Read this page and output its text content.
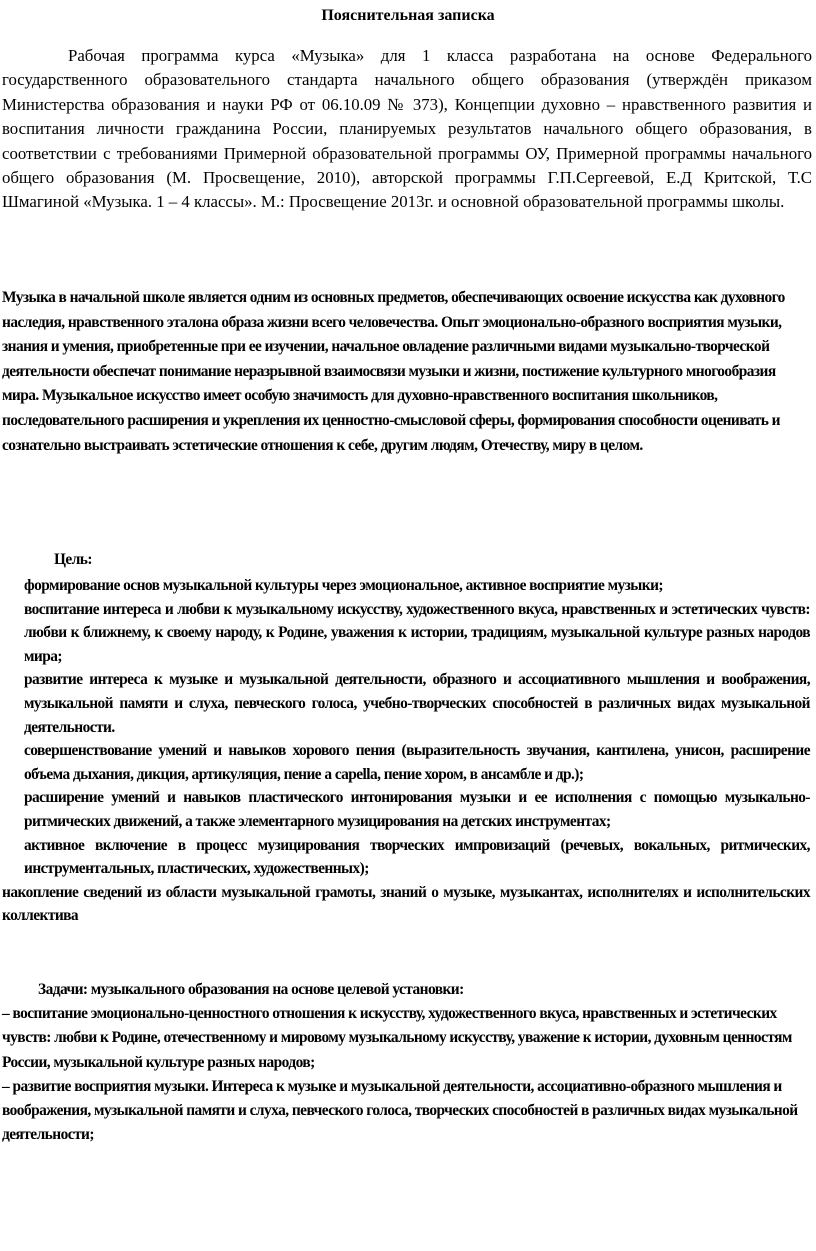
Пояснительная записка

Рабочая программа курса «Музыка» для 1 класса разработана на основе Федерального государственного образовательного стандарта начального общего образования (утверждён приказом Министерства образования и науки РФ от 06.10.09 № 373), Концепции духовно – нравственного развития и воспитания личности гражданина России, планируемых результатов начального общего образования, в соответствии с требованиями Примерной образовательной программы ОУ, Примерной программы начального общего образования (М. Просвещение, 2010), авторской программы Г.П.Сергеевой, Е.Д Критской, Т.С Шмагиной «Музыка. 1 – 4 классы». М.: Просвещение 2013г. и основной образовательной программы школы.

Музыка в начальной школе является одним из основных предметов, обеспечивающих освоение искусства как духовного наследия, нравственного эталона образа жизни всего человечества. Опыт эмоционально-образного восприятия музыки, знания и умения, приобретенные при ее изучении, начальное овладение различными видами музыкально-творческой деятельности обеспечат понимание неразрывной взаимосвязи музыки и жизни, постижение культурного многообразия мира. Музыкальное искусство имеет особую значимость для духовно-нравственного воспитания школьников, последовательного расширения и укрепления их ценностно-смысловой сферы, формирования способности оценивать и сознательно выстраивать эстетические отношения к себе, другим людям, Отечеству, миру в целом.

Цель:

формирование основ музыкальной культуры через эмоциональное, активное восприятие музыки;

воспитание интереса и любви к музыкальному искусству, художественного вкуса, нравственных и эстетических чувств: любви к ближнему, к своему народу, к Родине, уважения к истории, традициям, музыкальной культуре разных народов мира;

развитие интереса к музыке и музыкальной деятельности, образного и ассоциативного мышления и воображения, музыкальной памяти и слуха, певческого голоса, учебно-творческих способностей в различных видах музыкальной деятельности.

совершенствование умений и навыков хорового пения (выразительность звучания, кантилена, унисон, расширение объема дыхания, дикция, артикуляция, пение а capella, пение хором, в ансамбле и др.);

расширение умений и навыков пластического интонирования музыки и ее исполнения с помощью музыкально-ритмических движений, а также элементарного музицирования на детских инструментах;

активное включение в процесс музицирования творческих импровизаций (речевых, вокальных, ритмических, инструментальных, пластических, художественных);

накопление сведений из области музыкальной грамоты, знаний о музыке, музыкантах, исполнителях и исполнительских коллектива

Задачи: музыкального образования на основе целевой установки:

– воспитание эмоционально-ценностного отношения к искусству, художественного вкуса, нравственных и эстетических чувств: любви к Родине, отечественному и мировому музыкальному искусству, уважение к истории, духовным ценностям России, музыкальной культуре разных народов;

– развитие восприятия музыки. Интереса к музыке и музыкальной деятельности, ассоциативно-образного мышления и воображения, музыкальной памяти и слуха, певческого голоса, творческих способностей в различных видах музыкальной деятельности;
